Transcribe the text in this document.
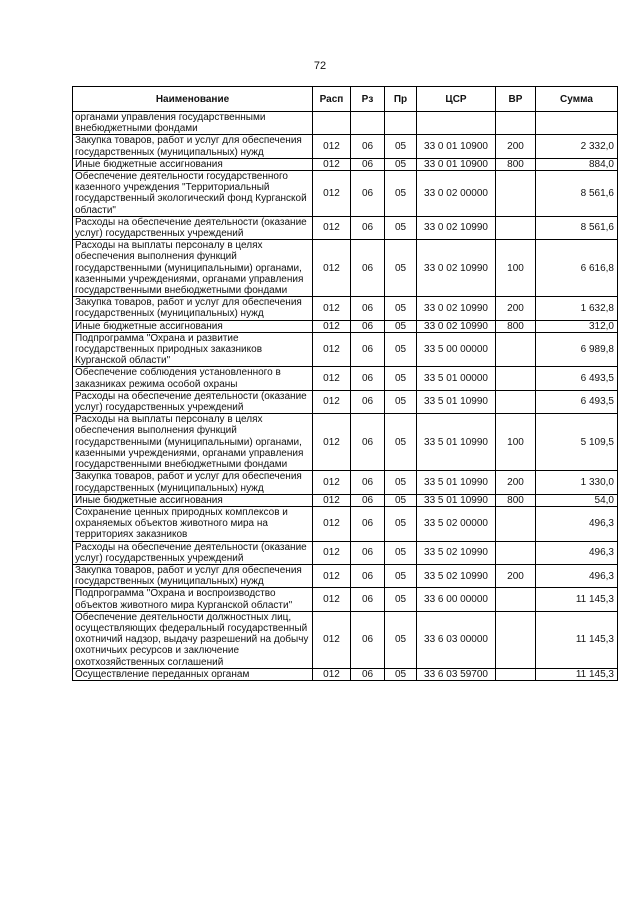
72
Наименование	Расп	Рз	Пр	ЦСР	ВР	Сумма
органами управления государственными внебюджетными фондами						
Закупка товаров, работ и услуг для обеспечения государственных (муниципальных) нужд	012	06	05	33 0 01 10900	200	2 332,0
Иные бюджетные ассигнования	012	06	05	33 0 01 10900	800	884,0
Обеспечение деятельности государственного казенного учреждения "Территориальный государственный экологический фонд Курганской области"	012	06	05	33 0 02 00000		8 561,6
Расходы на обеспечение деятельности (оказание услуг) государственных учреждений	012	06	05	33 0 02 10990		8 561,6
Расходы на выплаты персоналу в целях обеспечения выполнения функций государственными (муниципальными) органами, казенными учреждениями, органами управления государственными внебюджетными фондами	012	06	05	33 0 02 10990	100	6 616,8
Закупка товаров, работ и услуг для обеспечения государственных (муниципальных) нужд	012	06	05	33 0 02 10990	200	1 632,8
Иные бюджетные ассигнования	012	06	05	33 0 02 10990	800	312,0
Подпрограмма "Охрана и развитие государственных природных заказников Курганской области"	012	06	05	33 5 00 00000		6 989,8
Обеспечение соблюдения установленного в заказниках режима особой охраны	012	06	05	33 5 01 00000		6 493,5
Расходы на обеспечение деятельности (оказание услуг) государственных учреждений	012	06	05	33 5 01 10990		6 493,5
Расходы на выплаты персоналу в целях обеспечения выполнения функций государственными (муниципальными) органами, казенными учреждениями, органами управления государственными внебюджетными фондами	012	06	05	33 5 01 10990	100	5 109,5
Закупка товаров, работ и услуг для обеспечения государственных (муниципальных) нужд	012	06	05	33 5 01 10990	200	1 330,0
Иные бюджетные ассигнования	012	06	05	33 5 01 10990	800	54,0
Сохранение ценных природных комплексов и охраняемых объектов животного мира на территориях заказников	012	06	05	33 5 02 00000		496,3
Расходы на обеспечение деятельности (оказание услуг) государственных учреждений	012	06	05	33 5 02 10990		496,3
Закупка товаров, работ и услуг для обеспечения государственных (муниципальных) нужд	012	06	05	33 5 02 10990	200	496,3
Подпрограмма "Охрана и воспроизводство объектов животного мира Курганской области"	012	06	05	33 6 00 00000		11 145,3
Обеспечение деятельности должностных лиц, осуществляющих федеральный государственный охотничий надзор, выдачу разрешений на добычу охотничьих ресурсов и заключение охотхозяйственных соглашений	012	06	05	33 6 03 00000		11 145,3
Осуществление переданных органам	012	06	05	33 6 03 59700		11 145,3
